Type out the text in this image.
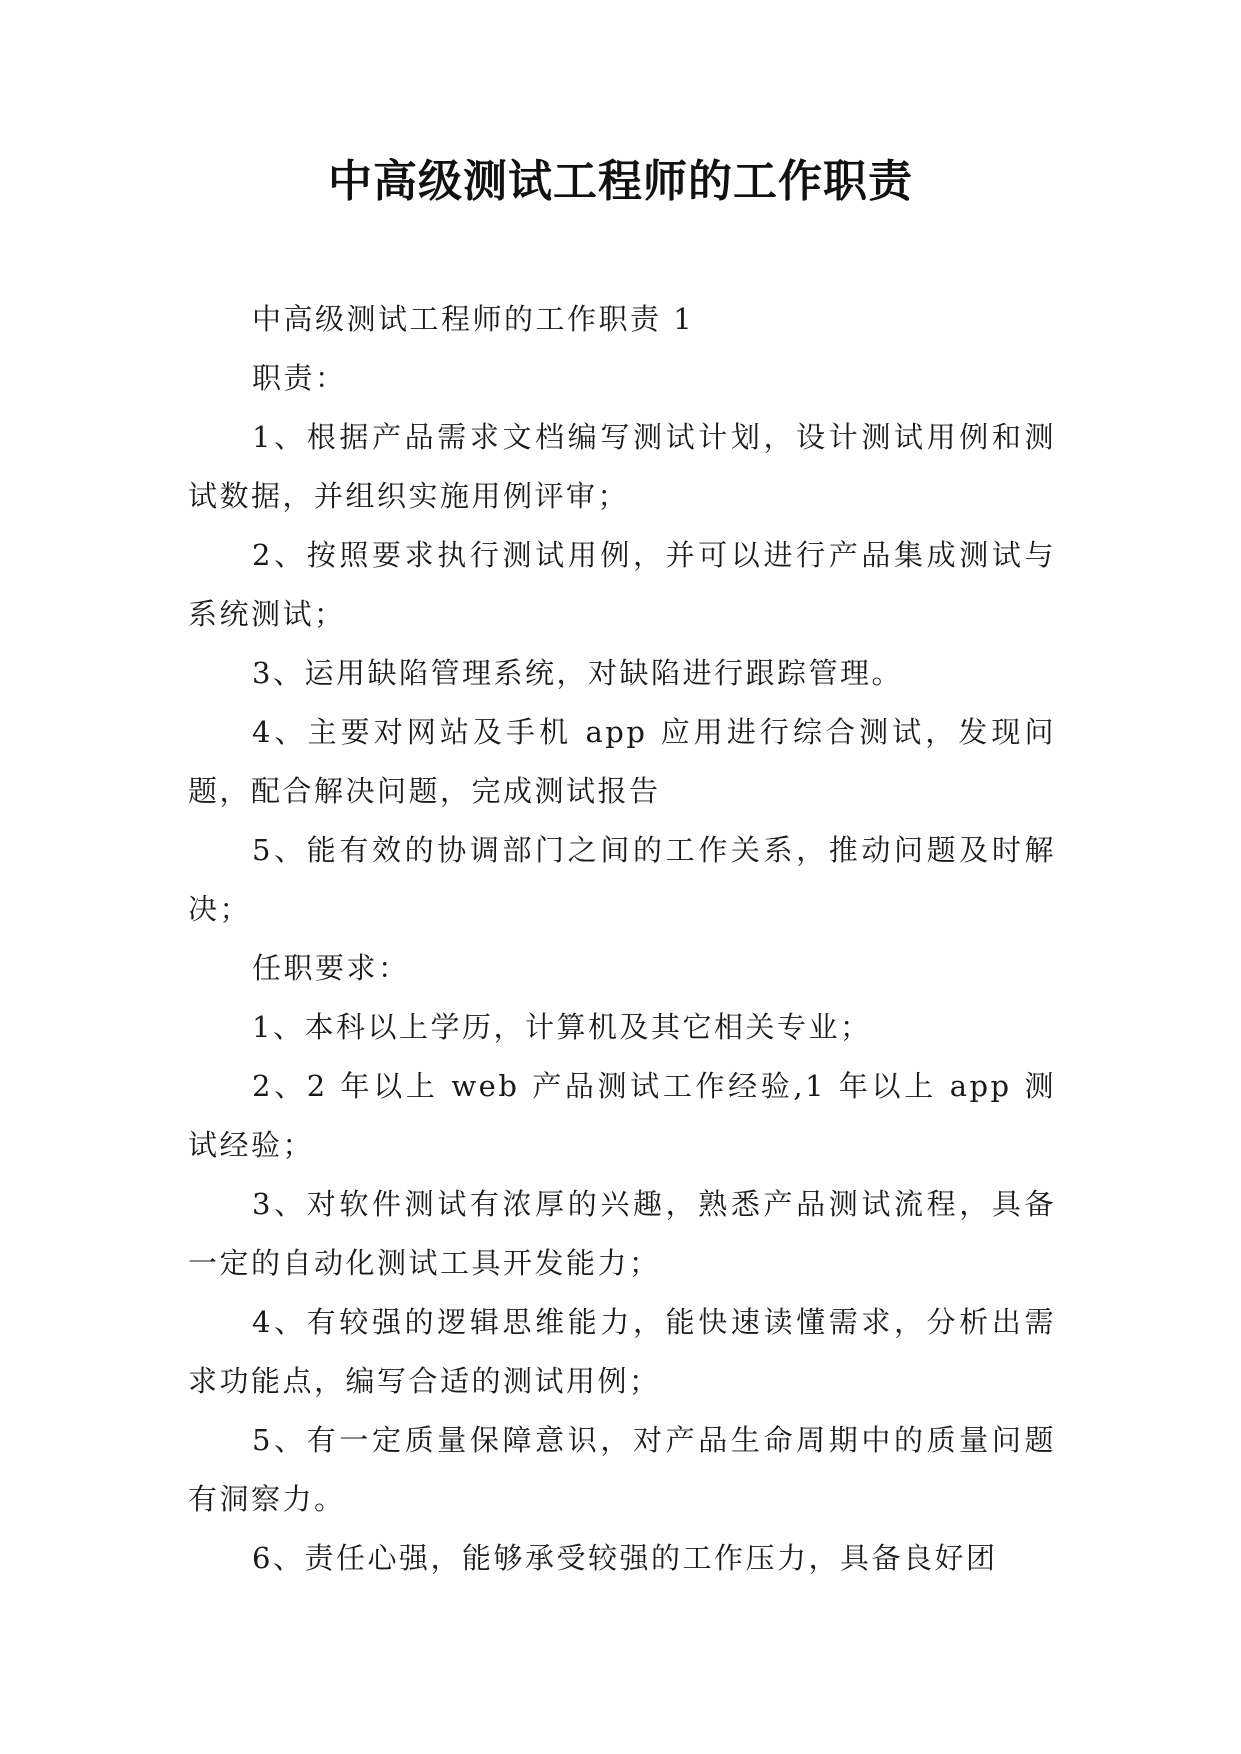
中高级测试工程师的工作职责

中高级测试工程师的工作职责 1

职责：

1、根据产品需求文档编写测试计划，设计测试用例和测试数据，并组织实施用例评审；

2、按照要求执行测试用例，并可以进行产品集成测试与系统测试；

3、运用缺陷管理系统，对缺陷进行跟踪管理。

4、主要对网站及手机 app 应用进行综合测试，发现问题，配合解决问题，完成测试报告

5、能有效的协调部门之间的工作关系，推动问题及时解决；

任职要求：

1、本科以上学历，计算机及其它相关专业；

2、2 年以上 web 产品测试工作经验,1 年以上 app 测试经验；

3、对软件测试有浓厚的兴趣，熟悉产品测试流程，具备一定的自动化测试工具开发能力；

4、有较强的逻辑思维能力，能快速读懂需求，分析出需求功能点，编写合适的测试用例；

5、有一定质量保障意识，对产品生命周期中的质量问题有洞察力。

6、责任心强，能够承受较强的工作压力，具备良好团
